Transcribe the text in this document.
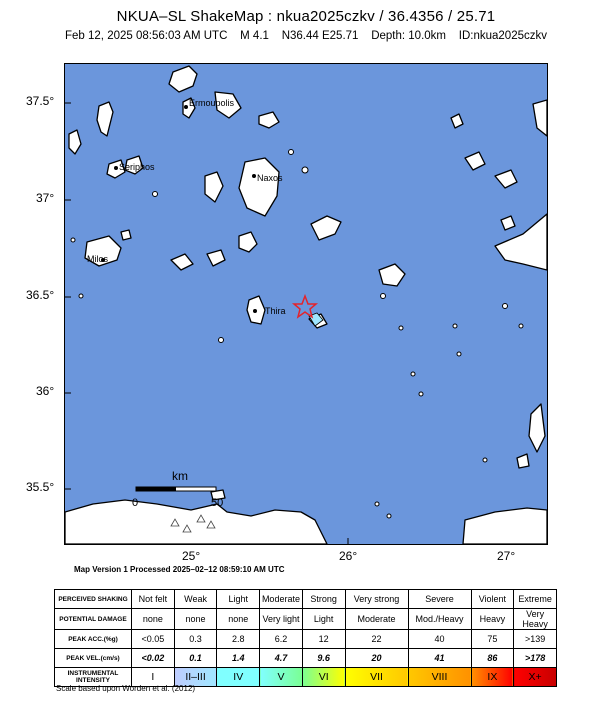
NKUA–SL ShakeMap : nkua2025czkv / 36.4356 / 25.71
Feb 12, 2025 08:56:03 AM UTC    M 4.1    N36.44 E25.71    Depth: 10.0km    ID:nkua2025czkv
37.5°
37°
36.5°
36°
35.5°
25°	26°	27°
Ermoupolis
Seriphos
Naxos
Milos
Thira
km
0	50
Map Version 1 Processed 2025–02–12 08:59:10 AM UTC
PERCEIVED SHAKING	Not felt	Weak	Light	Moderate	Strong	Very strong	Severe	Violent	Extreme
POTENTIAL DAMAGE	none	none	none	Very light	Light	Moderate	Mod./Heavy	Heavy	Very Heavy
PEAK ACC.(%g)	<0.05	0.3	2.8	6.2	12	22	40	75	>139
PEAK VEL.(cm/s)	<0.02	0.1	1.4	4.7	9.6	20	41	86	>178
INSTRUMENTAL INTENSITY	I	II–III	IV	V	VI	VII	VIII	IX	X+
Scale based upon Worden et al. (2012)
